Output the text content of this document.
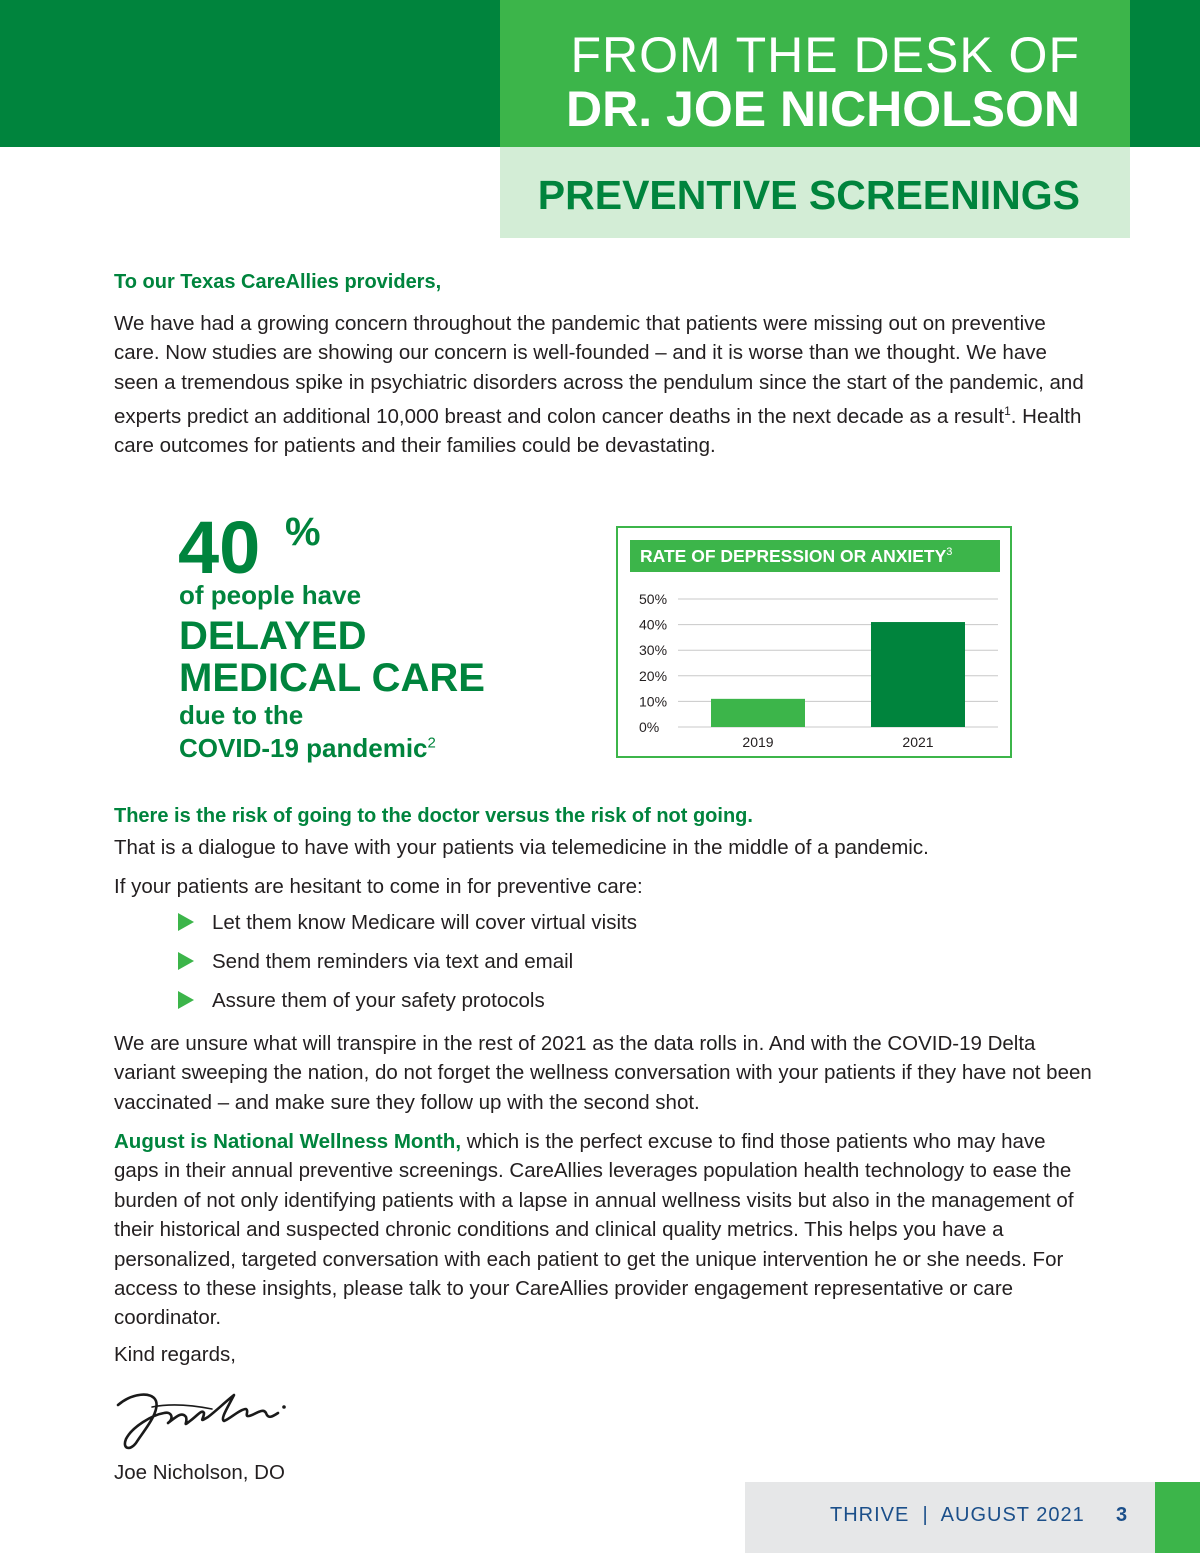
FROM THE DESK OF
DR. JOE NICHOLSON
PREVENTIVE SCREENINGS
To our Texas CareAllies providers,
We have had a growing concern throughout the pandemic that patients were missing out on preventive care. Now studies are showing our concern is well-founded – and it is worse than we thought. We have seen a tremendous spike in psychiatric disorders across the pendulum since the start of the pandemic, and experts predict an additional 10,000 breast and colon cancer deaths in the next decade as a result$^1$. Health care outcomes for patients and their families could be devastating.
40 %
of people have
DELAYED
MEDICAL CARE
due to the
COVID-19 pandemic$^2$
RATE OF DEPRESSION OR ANXIETY$^3$
0%
10%
20%
30%
40%
50%
2019	2021
There is the risk of going to the doctor versus the risk of not going.
That is a dialogue to have with your patients via telemedicine in the middle of a pandemic.
If your patients are hesitant to come in for preventive care:
Let them know Medicare will cover virtual visits
Send them reminders via text and email
Assure them of your safety protocols
We are unsure what will transpire in the rest of 2021 as the data rolls in. And with the COVID-19 Delta variant sweeping the nation, do not forget the wellness conversation with your patients if they have not been vaccinated – and make sure they follow up with the second shot.
August is National Wellness Month, which is the perfect excuse to find those patients who may have gaps in their annual preventive screenings. CareAllies leverages population health technology to ease the burden of not only identifying patients with a lapse in annual wellness visits but also in the management of their historical and suspected chronic conditions and clinical quality metrics. This helps you have a personalized, targeted conversation with each patient to get the unique intervention he or she needs. For access to these insights, please talk to your CareAllies provider engagement representative or care coordinator.
Kind regards,
Joe Nicholson, DO
THRIVE  |  AUGUST 2021 3
